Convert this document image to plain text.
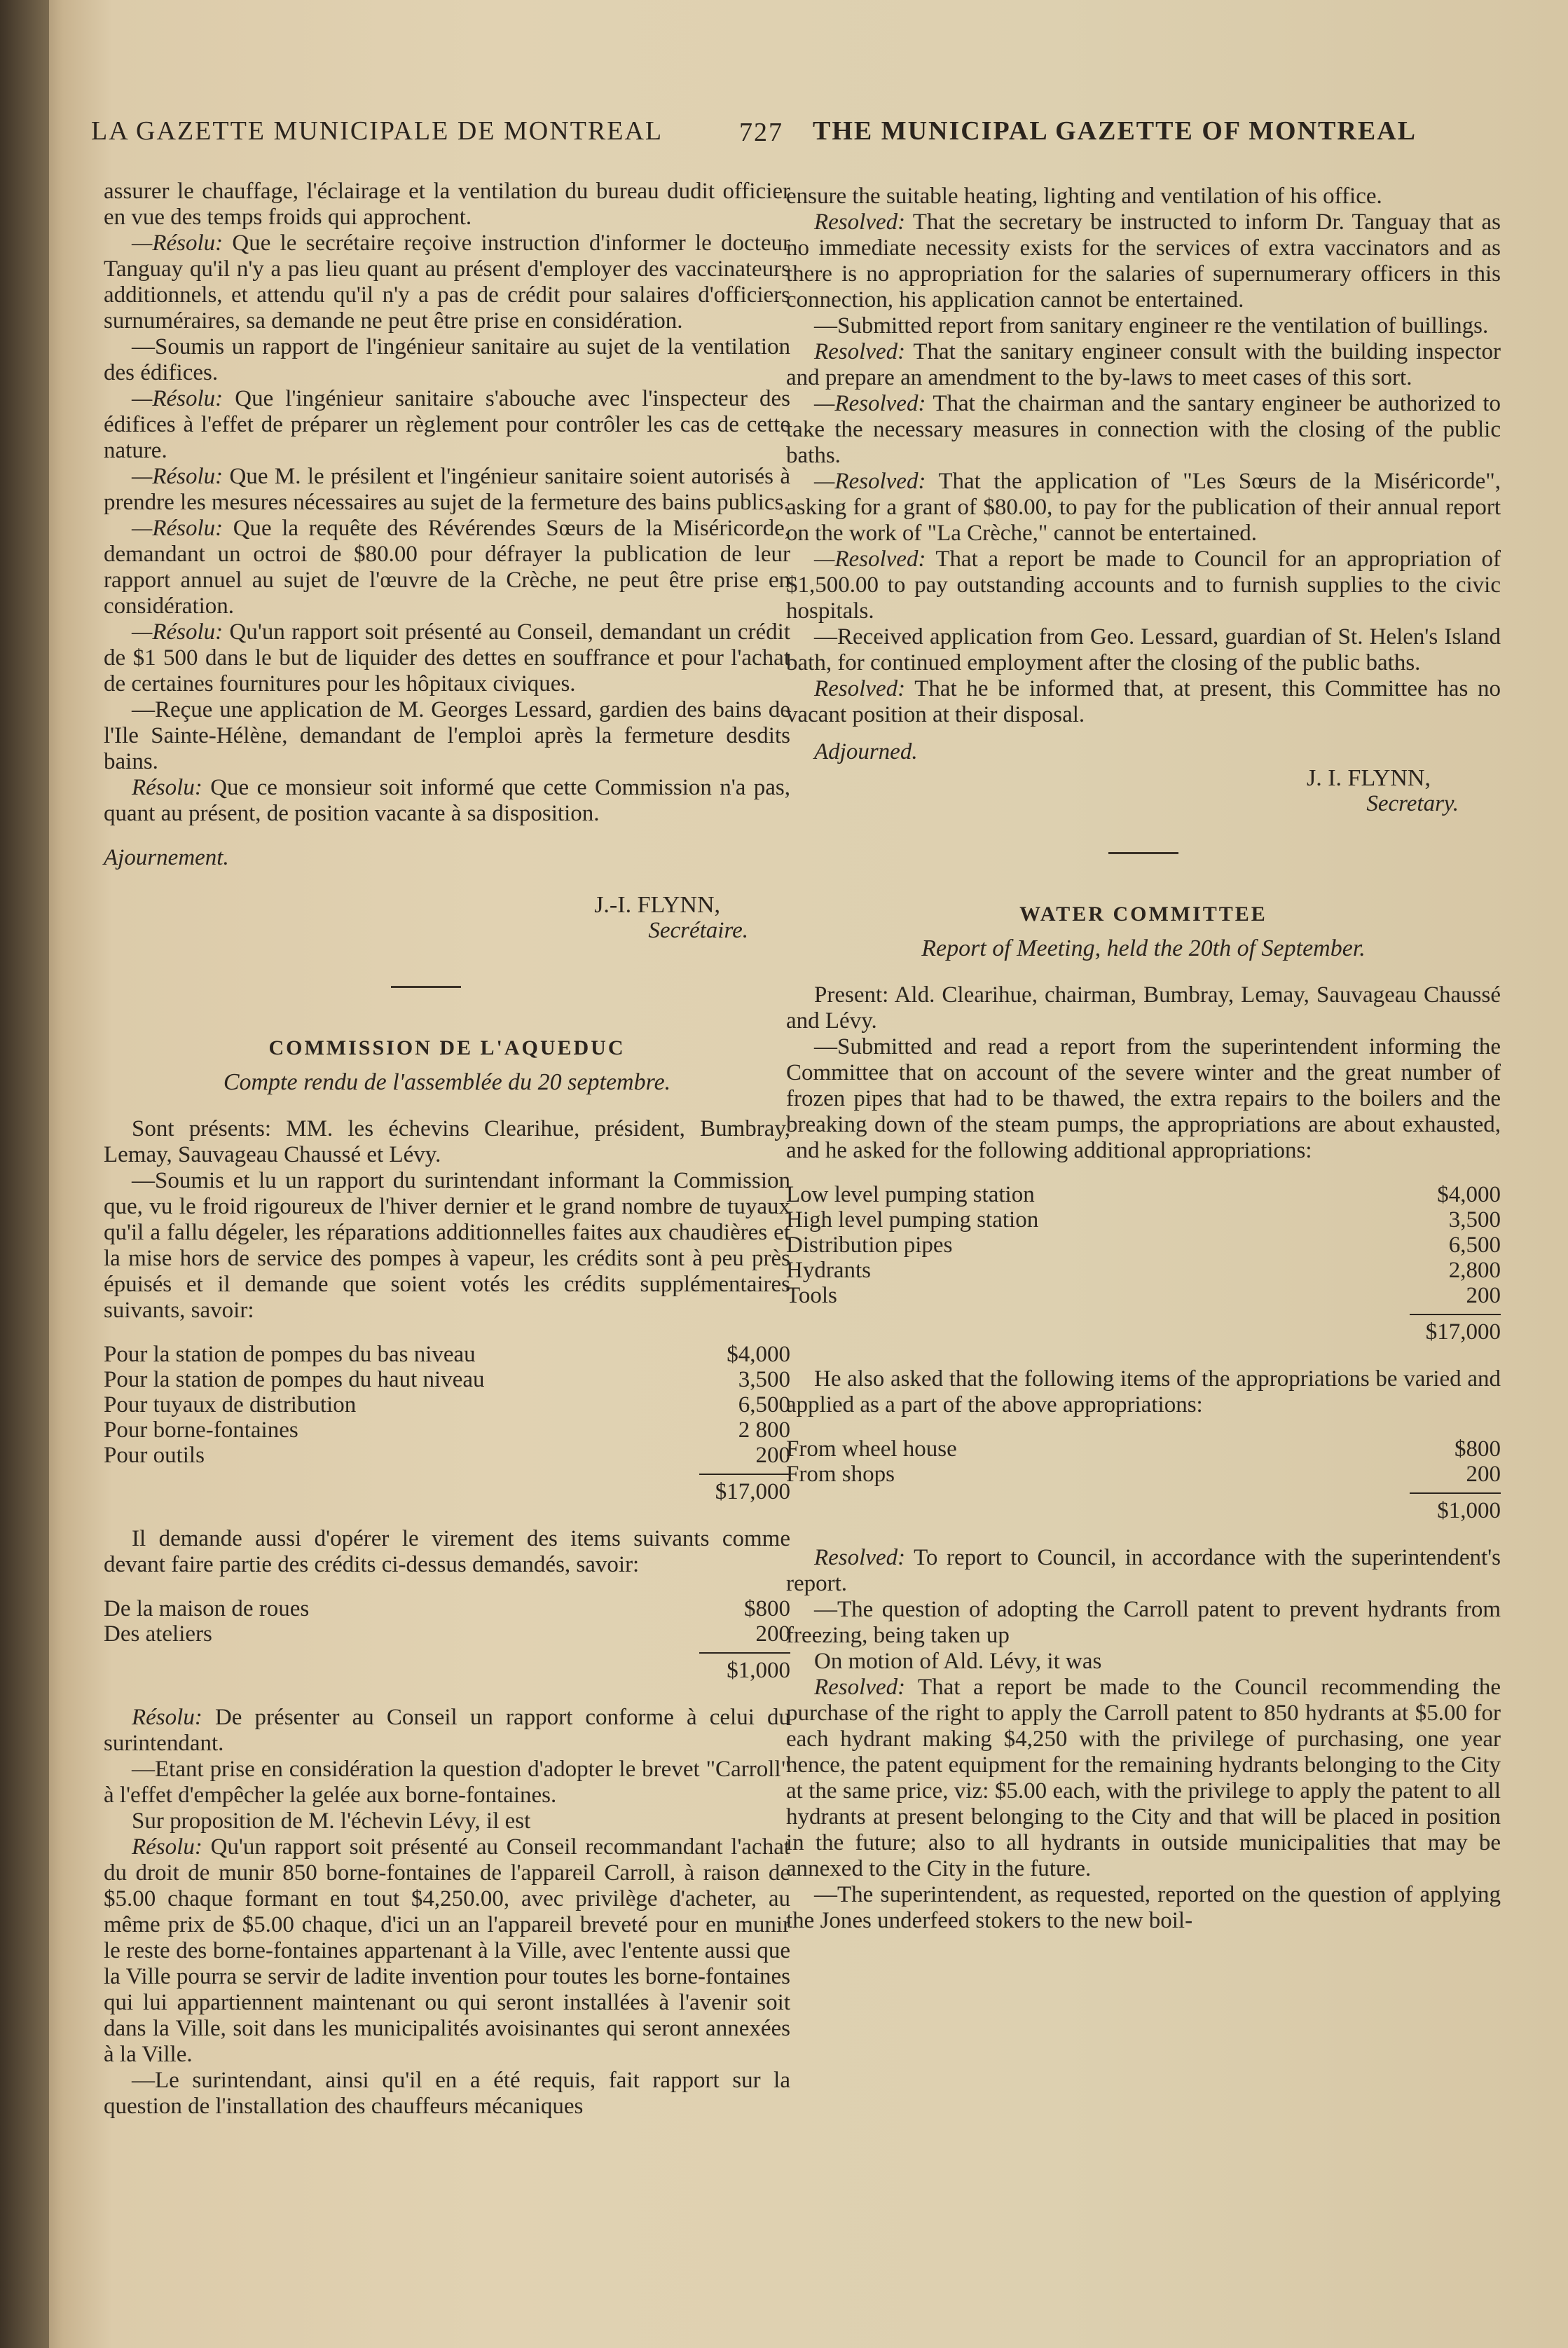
LA GAZETTE MUNICIPALE DE MONTREAL	727 THE MUNICIPAL GAZETTE OF MONTREAL

assurer le chauffage, l'éclairage et la ventilation du bureau dudit officier en vue des temps froids qui approchent.

—Résolu: Que le secrétaire reçoive instruction d'informer le docteur Tanguay qu'il n'y a pas lieu quant au présent d'employer des vaccinateurs additionnels, et attendu qu'il n'y a pas de crédit pour salaires d'officiers surnuméraires, sa demande ne peut être prise en considération.

—Soumis un rapport de l'ingénieur sanitaire au sujet de la ventilation des édifices.

—Résolu: Que l'ingénieur sanitaire s'abouche avec l'inspecteur des édifices à l'effet de préparer un règlement pour contrôler les cas de cette nature.

—Résolu: Que M. le présilent et l'ingénieur sanitaire soient autorisés à prendre les mesures nécessaires au sujet de la fermeture des bains publics.

—Résolu: Que la requête des Révérendes Sœurs de la Miséricorde, demandant un octroi de $80.00 pour défrayer la publication de leur rapport annuel au sujet de l'œuvre de la Crèche, ne peut être prise en considération.

—Résolu: Qu'un rapport soit présenté au Conseil, demandant un crédit de $1 500 dans le but de liquider des dettes en souffrance et pour l'achat de certaines fournitures pour les hôpitaux civiques.

—Reçue une application de M. Georges Lessard, gardien des bains de l'Ile Sainte-Hélène, demandant de l'emploi après la fermeture desdits bains.

Résolu: Que ce monsieur soit informé que cette Commission n'a pas, quant au présent, de position vacante à sa disposition.

Ajournement.

J.-I. FLYNN,
Secrétaire.
COMMISSION DE L'AQUEDUC
Compte rendu de l'assemblée du 20 septembre.

Sont présents: MM. les échevins Clearihue, président, Bumbray, Lemay, Sauvageau Chaussé et Lévy.

—Soumis et lu un rapport du surintendant informant la Commission que, vu le froid rigoureux de l'hiver dernier et le grand nombre de tuyaux qu'il a fallu dégeler, les réparations additionnelles faites aux chaudières et la mise hors de service des pompes à vapeur, les crédits sont à peu près épuisés et il demande que soient votés les crédits supplémentaires suivants, savoir:

Pour la station de pompes du bas niveau	$4,000
Pour la station de pompes du haut niveau	3,500
Pour tuyaux de distribution	6,500
Pour borne-fontaines	2 800
Pour outils	200
$17,000

Il demande aussi d'opérer le virement des items suivants comme devant faire partie des crédits ci-dessus demandés, savoir:

De la maison de roues	$800
Des ateliers	200
$1,000

Résolu: De présenter au Conseil un rapport conforme à celui du surintendant.

—Etant prise en considération la question d'adopter le brevet "Carroll" à l'effet d'empêcher la gelée aux borne-fontaines.

Sur proposition de M. l'échevin Lévy, il est

Résolu: Qu'un rapport soit présenté au Conseil recommandant l'achat du droit de munir 850 borne-fontaines de l'appareil Carroll, à raison de $5.00 chaque formant en tout $4,250.00, avec privilège d'acheter, au même prix de $5.00 chaque, d'ici un an l'appareil breveté pour en munir le reste des borne-fontaines appartenant à la Ville, avec l'entente aussi que la Ville pourra se servir de ladite invention pour toutes les borne-fontaines qui lui appartiennent maintenant ou qui seront installées à l'avenir soit dans la Ville, soit dans les municipalités avoisinantes qui seront annexées à la Ville.

—Le surintendant, ainsi qu'il en a été requis, fait rapport sur la question de l'installation des chauffeurs mécaniques

ensure the suitable heating, lighting and ventilation of his office.

Resolved: That the secretary be instructed to inform Dr. Tanguay that as no immediate necessity exists for the services of extra vaccinators and as there is no appropriation for the salaries of supernumerary officers in this connection, his application cannot be entertained.

—Submitted report from sanitary engineer re the ventilation of buillings.

Resolved: That the sanitary engineer consult with the building inspector and prepare an amendment to the by-laws to meet cases of this sort.

—Resolved: That the chairman and the santary engineer be authorized to take the necessary measures in connection with the closing of the public baths.

—Resolved: That the application of "Les Sœurs de la Miséricorde", asking for a grant of $80.00, to pay for the publication of their annual report on the work of "La Crèche," cannot be entertained.

—Resolved: That a report be made to Council for an appropriation of $1,500.00 to pay outstanding accounts and to furnish supplies to the civic hospitals.

—Received application from Geo. Lessard, guardian of St. Helen's Island bath, for continued employment after the closing of the public baths.

Resolved: That he be informed that, at present, this Committee has no vacant position at their disposal.

Adjourned.

J. I. FLYNN,
Secretary.
WATER COMMITTEE
Report of Meeting, held the 20th of September.

Present: Ald. Clearihue, chairman, Bumbray, Lemay, Sauvageau Chaussé and Lévy.

—Submitted and read a report from the superintendent informing the Committee that on account of the severe winter and the great number of frozen pipes that had to be thawed, the extra repairs to the boilers and the breaking down of the steam pumps, the appropriations are about exhausted, and he asked for the following additional appropriations:

Low level pumping station	$4,000
High level pumping station	3,500
Distribution pipes	6,500
Hydrants	2,800
Tools	200
$17,000

He also asked that the following items of the appropriations be varied and applied as a part of the above appropriations:

From wheel house	$800
From shops	200
$1,000

Resolved: To report to Council, in accordance with the superintendent's report.

—The question of adopting the Carroll patent to prevent hydrants from freezing, being taken up

On motion of Ald. Lévy, it was

Resolved: That a report be made to the Council recommending the purchase of the right to apply the Carroll patent to 850 hydrants at $5.00 for each hydrant making $4,250 with the privilege of purchasing, one year hence, the patent equipment for the remaining hydrants belonging to the City at the same price, viz: $5.00 each, with the privilege to apply the patent to all hydrants at present belonging to the City and that will be placed in position in the future; also to all hydrants in outside municipalities that may be annexed to the City in the future.

—The superintendent, as requested, reported on the question of applying the Jones underfeed stokers to the new boil-
